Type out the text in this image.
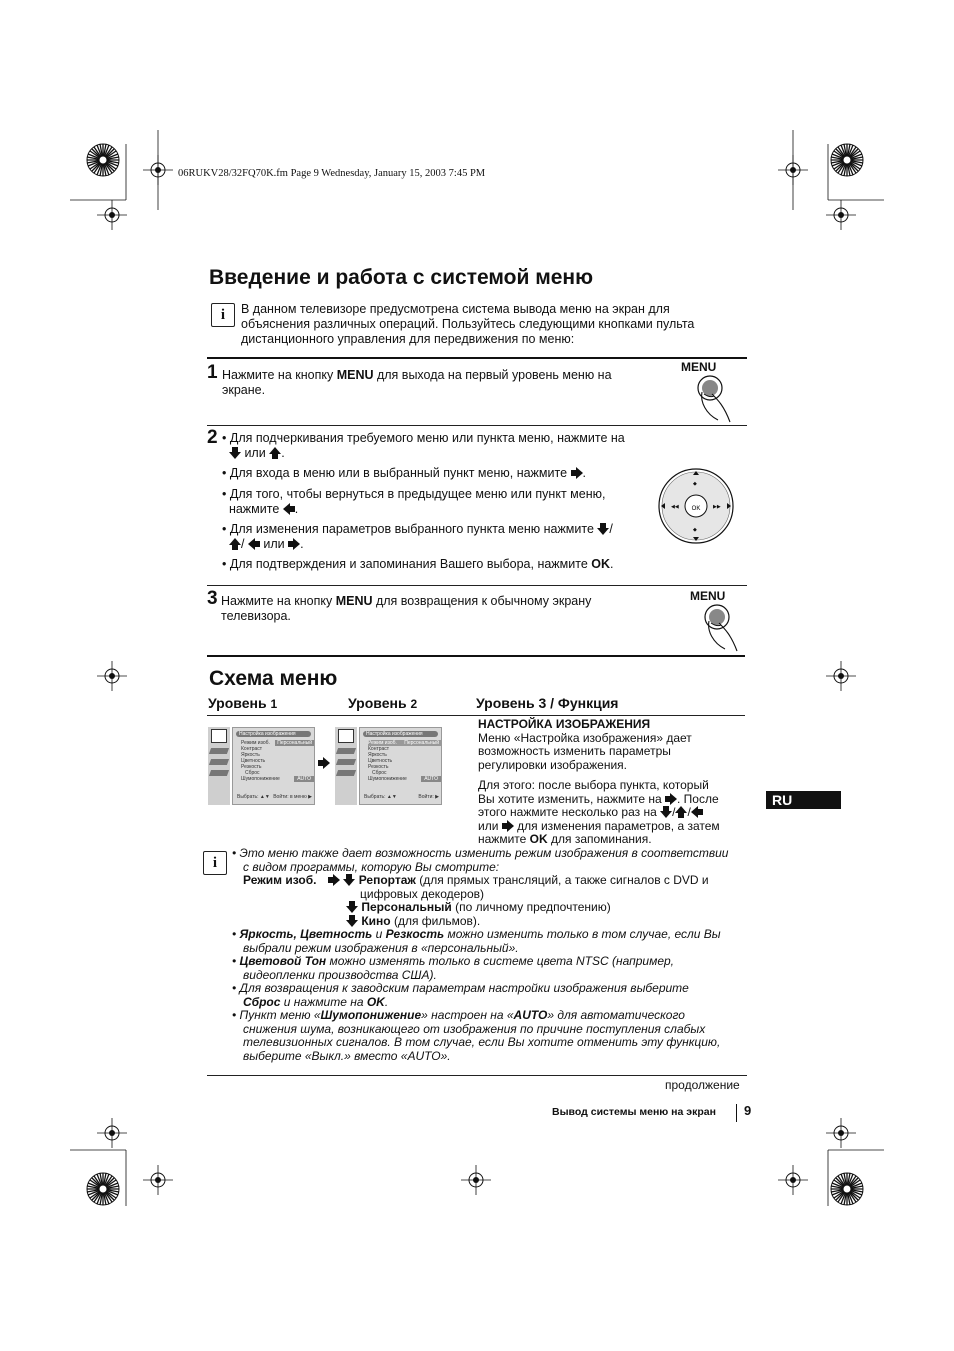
06RUKV28/32FQ70K.fm Page 9 Wednesday, January 15, 2003 7:45 PM
Введение и работа с системой меню
i	В данном телевизоре предусмотрена система вывода меню на экран для
объяснения различных операций. Пользуйтесь следующими кнопками пульта
дистанционного управления для передвижения по меню:
1 Нажмите на кнопку MENU для выхода на первый уровень меню на
экране.
MENU
2 • Для подчеркивания требуемого меню или пункта меню, нажмите на
или .
• Для входа в меню или в выбранный пункт меню, нажмите .
• Для того, чтобы вернуться в предыдущее меню или пункт меню,
нажмите .
• Для изменения параметров выбранного пункта меню нажмите /
/  или .
• Для подтверждения и запоминания Вашего выбора, нажмите OK.
OK
◆
◆
◀◀	▶▶
3 Нажмите на кнопку MENU для возвращения к обычному экрану
телевизора.
MENU
Схема меню
Уровень 1	Уровень 2	Уровень 3 / Функция
RU
Настройка изображения
Режим изоб.	Персональный
Контраст
Яркость
Цветность
Резкость
Сброс
Шумопонижение	AUTO
Выбрать: ▲▼ Войти: в меню ▶
Настройка изображения
Режим изоб.	Персональный
Контраст
Яркость
Цветность
Резкость
Сброс
Шумопонижение	AUTO
Выбрать: ▲▼	Войти: ▶
НАСТРОЙКА ИЗОБРАЖЕНИЯ
Меню «Настройка изображения» дает
возможность изменить параметры
регулировки изображения.
Для этого: после выбора пункта, который
Вы хотите изменить, нажмите на . После
этого нажмите несколько раз на / /
или для изменения параметров, а затем
нажмите OK для запоминания.
i
• Это меню также дает возможность изменить режим изображения в соответствии
с видом программы, которую Вы смотрите:
Режим изоб.	Репортаж (для прямых трансляций, а также сигналов с DVD и
цифровых декодеров)
Персональный (по личному предпочтению)
Кино (для фильмов).
• Яркость, Цветность и Резкость можно изменить только в том случае, если Вы
выбрали режим изображения в «персональный».
• Цветовой Тон можно изменять только в системе цвета NTSC (например,
видеопленки производства США).
• Для возвращения к заводским параметрам настройки изображения выберите
Сброс и нажмите на OK.
• Пункт меню «Шумопонижение» настроен на «AUTO» для автоматического
снижения шума, возникающего от изображения по причине поступления слабых
телевизионных сигналов. В том случае, если Вы хотите отменить эту функцию,
выберите «Выкл.» вместо «AUTO».
продолжение
Вывод системы меню на экран 9
